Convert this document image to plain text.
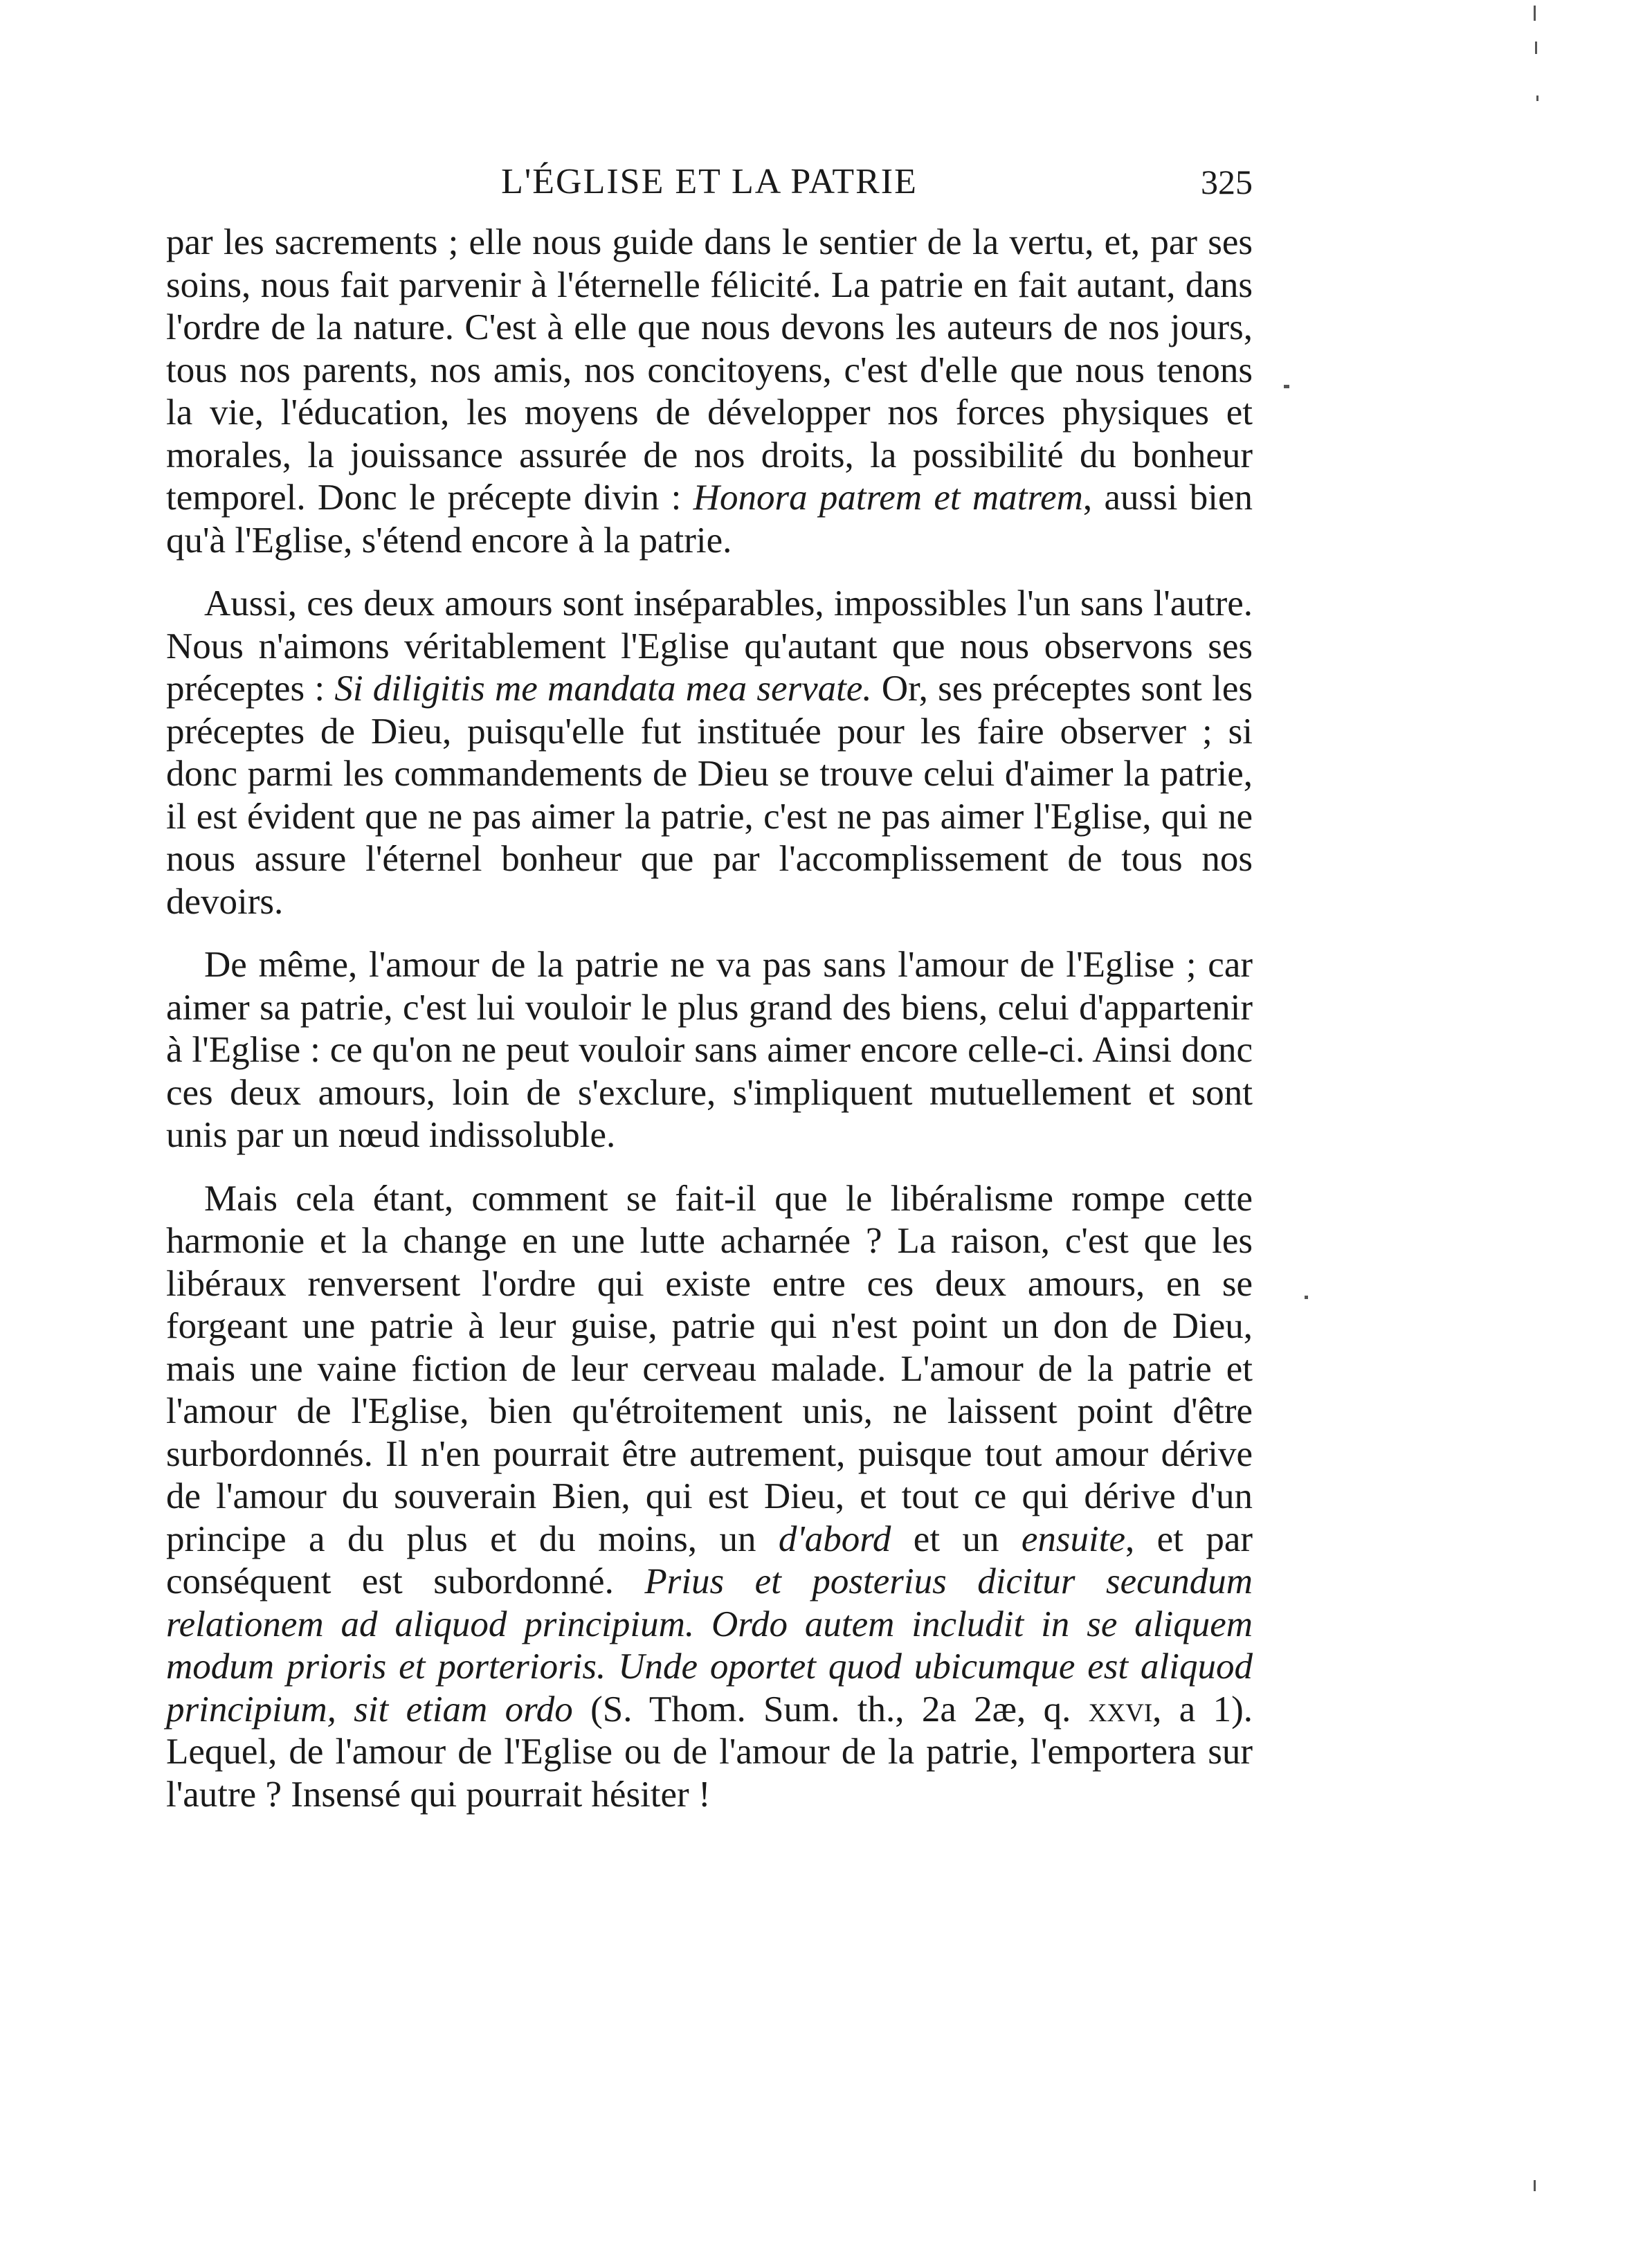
L'ÉGLISE ET LA PATRIE	325

par les sacrements ; elle nous guide dans le sentier de la vertu, et, par ses soins, nous fait parvenir à l'éternelle félicité. La patrie en fait autant, dans l'ordre de la nature. C'est à elle que nous devons les auteurs de nos jours, tous nos parents, nos amis, nos concitoyens, c'est d'elle que nous tenons la vie, l'éducation, les moyens de développer nos forces physiques et morales, la jouissance assurée de nos droits, la possibilité du bonheur temporel. Donc le précepte divin : Honora patrem et matrem, aussi bien qu'à l'Eglise, s'étend encore à la patrie.

Aussi, ces deux amours sont inséparables, impossibles l'un sans l'autre. Nous n'aimons véritablement l'Eglise qu'autant que nous observons ses préceptes : Si diligitis me mandata mea servate. Or, ses préceptes sont les préceptes de Dieu, puisqu'elle fut instituée pour les faire observer ; si donc parmi les commandements de Dieu se trouve celui d'aimer la patrie, il est évident que ne pas aimer la patrie, c'est ne pas aimer l'Eglise, qui ne nous assure l'éternel bonheur que par l'accomplissement de tous nos devoirs.

De même, l'amour de la patrie ne va pas sans l'amour de l'Eglise ; car aimer sa patrie, c'est lui vouloir le plus grand des biens, celui d'appartenir à l'Eglise : ce qu'on ne peut vouloir sans aimer encore celle-ci. Ainsi donc ces deux amours, loin de s'exclure, s'impliquent mutuellement et sont unis par un nœud indissoluble.

Mais cela étant, comment se fait-il que le libéralisme rompe cette harmonie et la change en une lutte acharnée ? La raison, c'est que les libéraux renversent l'ordre qui existe entre ces deux amours, en se forgeant une patrie à leur guise, patrie qui n'est point un don de Dieu, mais une vaine fiction de leur cerveau malade. L'amour de la patrie et l'amour de l'Eglise, bien qu'étroitement unis, ne laissent point d'être surbordonnés. Il n'en pourrait être autrement, puisque tout amour dérive de l'amour du souverain Bien, qui est Dieu, et tout ce qui dérive d'un principe a du plus et du moins, un d'abord et un ensuite, et par conséquent est subordonné. Prius et posterius dicitur secundum relationem ad aliquod principium. Ordo autem includit in se aliquem modum prioris et porterioris. Unde oportet quod ubicumque est aliquod principium, sit etiam ordo (S. Thom. Sum. th., 2a 2æ, q. xxvi, a 1). Lequel, de l'amour de l'Eglise ou de l'amour de la patrie, l'emportera sur l'autre ? Insensé qui pourrait hésiter !
